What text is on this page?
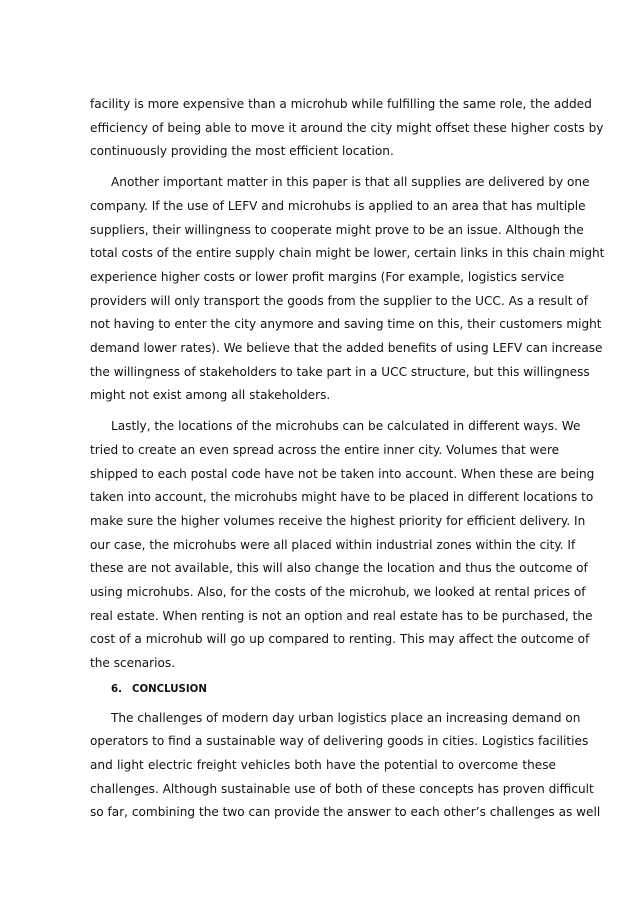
facility is more expensive than a microhub while fulfilling the same role, the added
efficiency of being able to move it around the city might offset these higher costs by
continuously providing the most efficient location.
Another important matter in this paper is that all supplies are delivered by one
company. If the use of LEFV and microhubs is applied to an area that has multiple
suppliers, their willingness to cooperate might prove to be an issue. Although the
total costs of the entire supply chain might be lower, certain links in this chain might
experience higher costs or lower profit margins (For example, logistics service
providers will only transport the goods from the supplier to the UCC. As a result of
not having to enter the city anymore and saving time on this, their customers might
demand lower rates). We believe that the added benefits of using LEFV can increase
the willingness of stakeholders to take part in a UCC structure, but this willingness
might not exist among all stakeholders.
Lastly, the locations of the microhubs can be calculated in different ways. We
tried to create an even spread across the entire inner city. Volumes that were
shipped to each postal code have not be taken into account. When these are being
taken into account, the microhubs might have to be placed in different locations to
make sure the higher volumes receive the highest priority for efficient delivery. In
our case, the microhubs were all placed within industrial zones within the city. If
these are not available, this will also change the location and thus the outcome of
using microhubs. Also, for the costs of the microhub, we looked at rental prices of
real estate. When renting is not an option and real estate has to be purchased, the
cost of a microhub will go up compared to renting. This may affect the outcome of
the scenarios.
6. CONCLUSION
The challenges of modern day urban logistics place an increasing demand on
operators to find a sustainable way of delivering goods in cities. Logistics facilities
and light electric freight vehicles both have the potential to overcome these
challenges. Although sustainable use of both of these concepts has proven difficult
so far, combining the two can provide the answer to each other’s challenges as well
